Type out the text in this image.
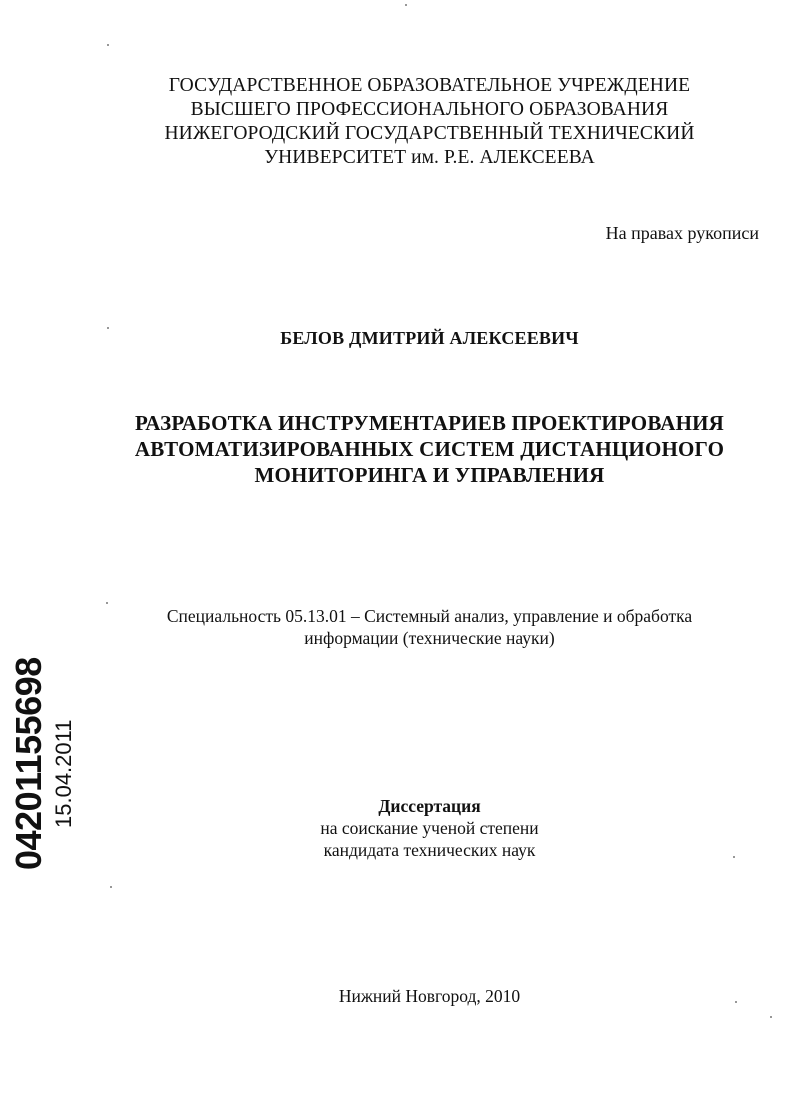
ГОСУДАРСТВЕННОЕ ОБРАЗОВАТЕЛЬНОЕ УЧРЕЖДЕНИЕ
ВЫСШЕГО ПРОФЕССИОНАЛЬНОГО ОБРАЗОВАНИЯ
НИЖЕГОРОДСКИЙ ГОСУДАРСТВЕННЫЙ ТЕХНИЧЕСКИЙ
УНИВЕРСИТЕТ им. Р.Е. АЛЕКСЕЕВА
На правах рукописи
БЕЛОВ ДМИТРИЙ АЛЕКСЕЕВИЧ
РАЗРАБОТКА ИНСТРУМЕНТАРИЕВ ПРОЕКТИРОВАНИЯ
АВТОМАТИЗИРОВАННЫХ СИСТЕМ ДИСТАНЦИОНОГО
МОНИТОРИНГА И УПРАВЛЕНИЯ
Специальность 05.13.01 – Системный анализ, управление и обработка
информации (технические науки)
Диссертация
на соискание ученой степени
кандидата технических наук
Нижний Новгород, 2010
04201155698 15.04.2011
